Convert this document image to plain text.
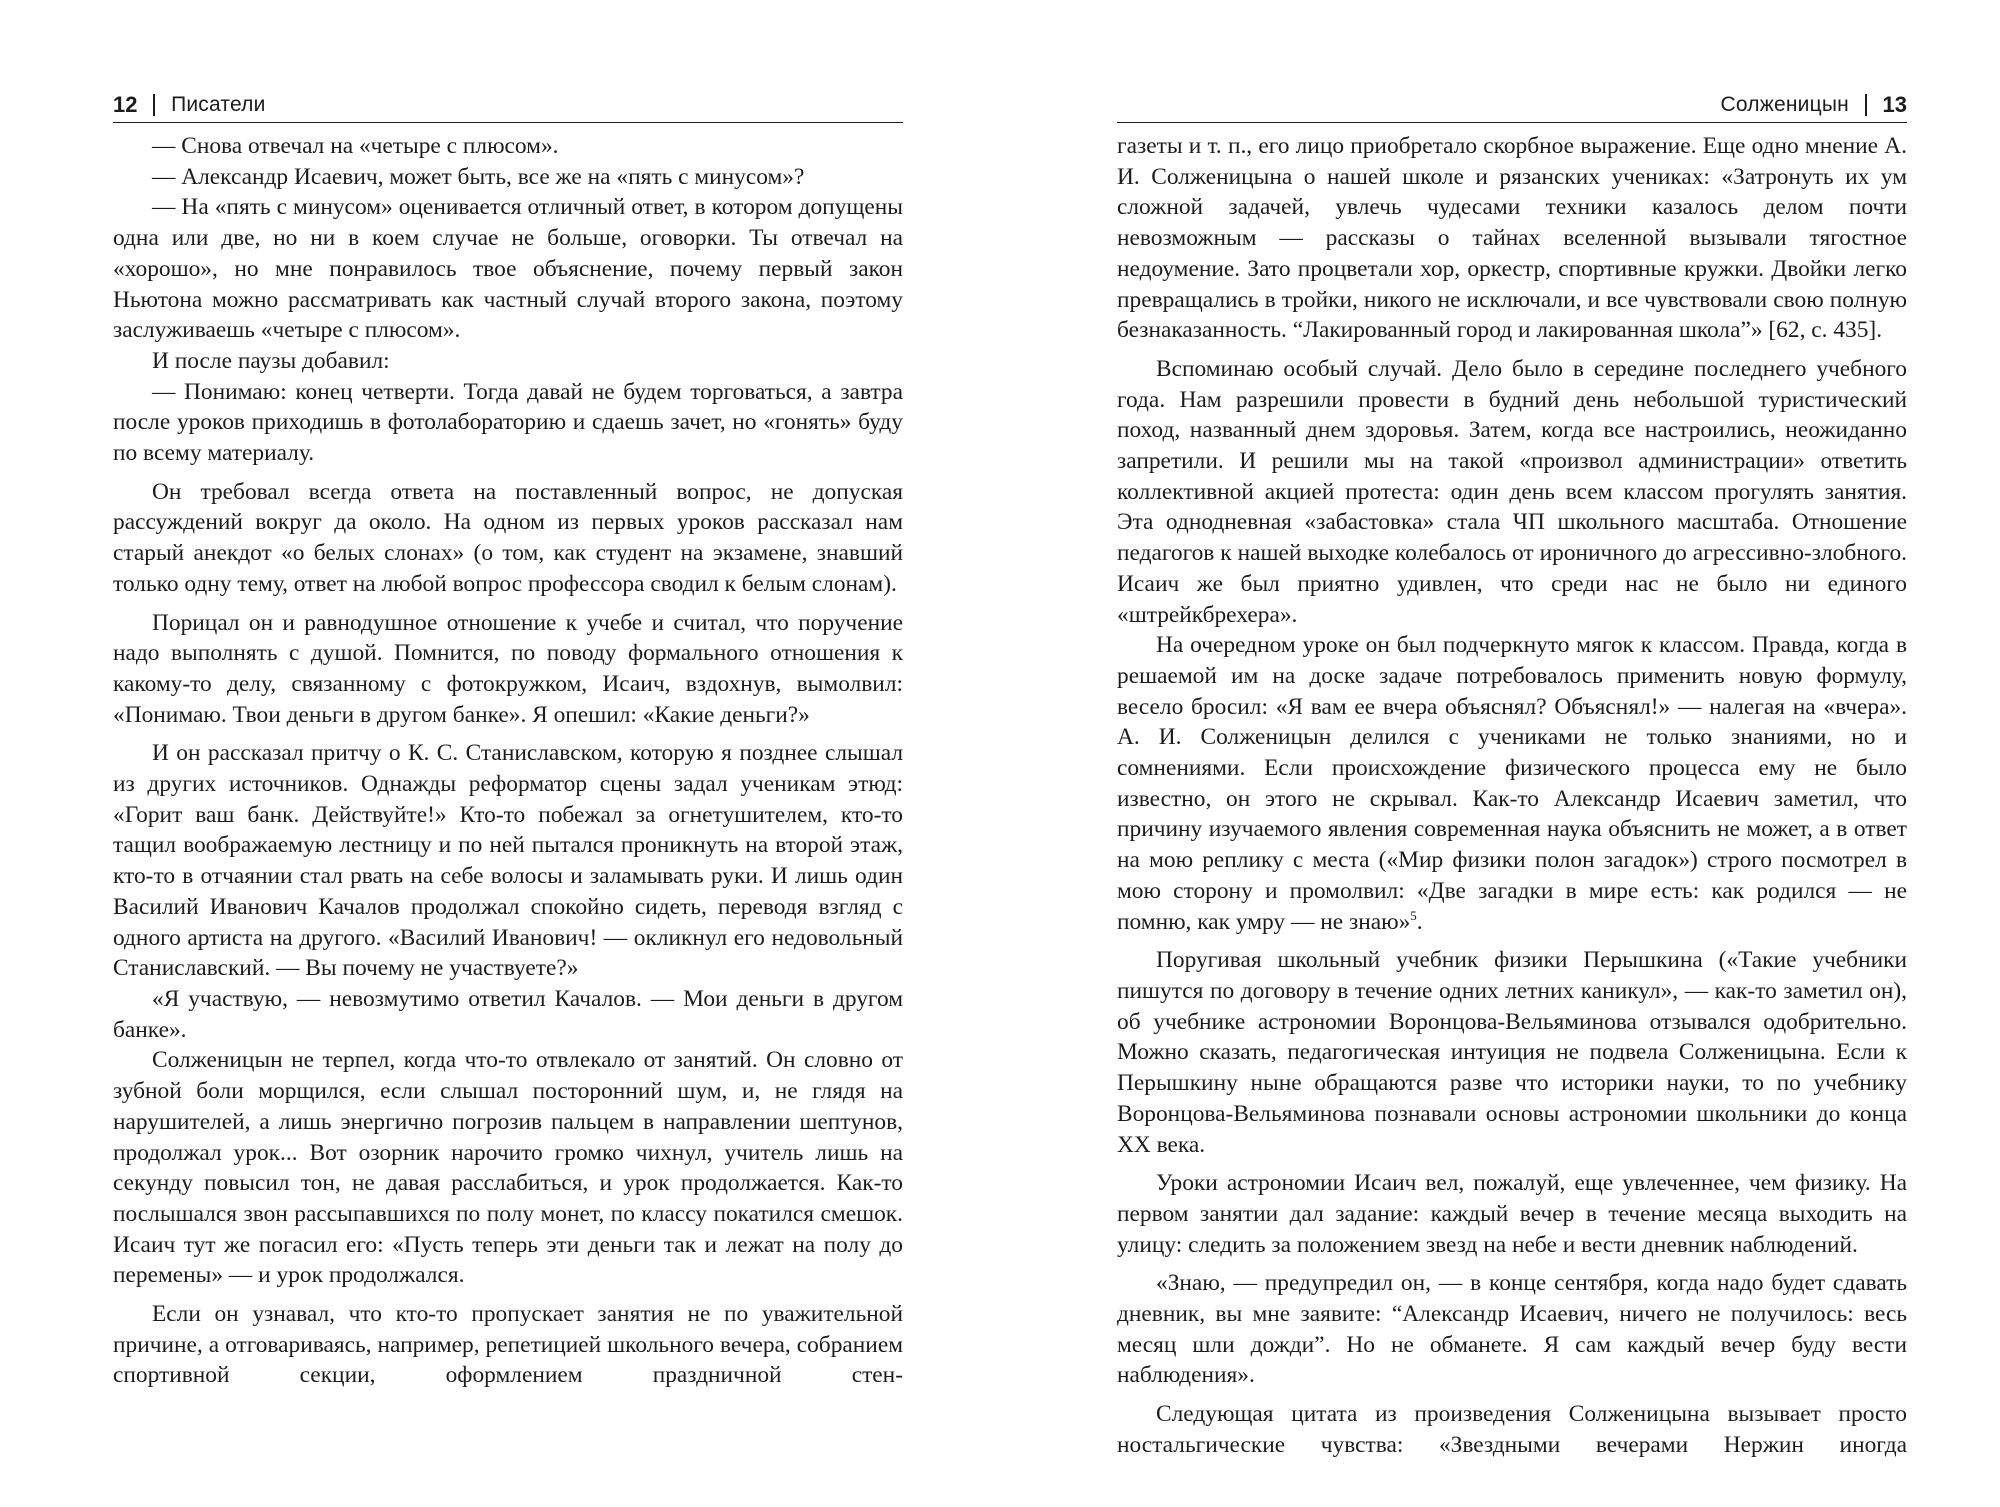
12 Писатели

— Снова отвечал на «четыре с плюсом».

— Александр Исаевич, может быть, все же на «пять с минусом»?

— На «пять с минусом» оценивается отличный ответ, в котором допущены одна или две, но ни в коем случае не больше, оговорки. Ты отвечал на «хорошо», но мне понравилось твое объяснение, почему первый закон Ньютона можно рассматривать как частный случай второго закона, поэтому заслуживаешь «четыре с плюсом».

И после паузы добавил:

— Понимаю: конец четверти. Тогда давай не будем торговаться, а завтра после уроков приходишь в фотолабораторию и сдаешь зачет, но «гонять» буду по всему материалу.

Он требовал всегда ответа на поставленный вопрос, не допуская рассуждений вокруг да около. На одном из первых уроков рассказал нам старый анекдот «о белых слонах» (о том, как студент на экзамене, знавший только одну тему, ответ на любой вопрос профессора сводил к белым слонам).

Порицал он и равнодушное отношение к учебе и считал, что поручение надо выполнять с душой. Помнится, по поводу формального отношения к какому-то делу, связанному с фотокружком, Исаич, вздохнув, вымолвил: «Понимаю. Твои деньги в другом банке». Я опешил: «Какие деньги?»

И он рассказал притчу о К. С. Станиславском, которую я позднее слышал из других источников. Однажды реформатор сцены задал ученикам этюд: «Горит ваш банк. Действуйте!» Кто-то побежал за огнетушителем, кто-то тащил воображаемую лестницу и по ней пытался проникнуть на второй этаж, кто-то в отчаянии стал рвать на себе волосы и заламывать руки. И лишь один Василий Иванович Качалов продолжал спокойно сидеть, переводя взгляд с одного артиста на другого. «Василий Иванович! — окликнул его недовольный Станиславский. — Вы почему не участвуете?»

«Я участвую, — невозмутимо ответил Качалов. — Мои деньги в другом банке».

Солженицын не терпел, когда что-то отвлекало от занятий. Он словно от зубной боли морщился, если слышал посторонний шум, и, не глядя на нарушителей, а лишь энергично погрозив пальцем в направлении шептунов, продолжал урок... Вот озорник нарочито громко чихнул, учитель лишь на секунду повысил тон, не давая расслабиться, и урок продолжается. Как-то послышался звон рассыпавшихся по полу монет, по классу покатился смешок. Исаич тут же погасил его: «Пусть теперь эти деньги так и лежат на полу до перемены» — и урок продолжался.

Если он узнавал, что кто-то пропускает занятия не по уважительной причине, а отговариваясь, например, репетицией школьного вечера, собранием спортивной секции, оформлением праздничной стен-

Солженицын 13

газеты и т. п., его лицо приобретало скорбное выражение. Еще одно мнение А. И. Солженицына о нашей школе и рязанских учениках: «Затронуть их ум сложной задачей, увлечь чудесами техники казалось делом почти невозможным — рассказы о тайнах вселенной вызывали тягостное недоумение. Зато процветали хор, оркестр, спортивные кружки. Двойки легко превращались в тройки, никого не исключали, и все чувствовали свою полную безнаказанность. “Лакированный город и лакированная школа”» [62, с. 435].

Вспоминаю особый случай. Дело было в середине последнего учебного года. Нам разрешили провести в будний день небольшой туристический поход, названный днем здоровья. Затем, когда все настроились, неожиданно запретили. И решили мы на такой «произвол администрации» ответить коллективной акцией протеста: один день всем классом прогулять занятия. Эта однодневная «забастовка» стала ЧП школьного масштаба. Отношение педагогов к нашей выходке колебалось от ироничного до агрессивно-злобного. Исаич же был приятно удивлен, что среди нас не было ни единого «штрейкбрехера».

На очередном уроке он был подчеркнуто мягок к классом. Правда, когда в решаемой им на доске задаче потребовалось применить новую формулу, весело бросил: «Я вам ее вчера объяснял? Объяснял!» — налегая на «вчера». А. И. Солженицын делился с учениками не только знаниями, но и сомнениями. Если происхождение физического процесса ему не было известно, он этого не скрывал. Как-то Александр Исаевич заметил, что причину изучаемого явления современная наука объяснить не может, а в ответ на мою реплику с места («Мир физики полон загадок») строго посмотрел в мою сторону и промолвил: «Две загадки в мире есть: как родился — не помню, как умру — не знаю»$^5$.

Поругивая школьный учебник физики Перышкина («Такие учебники пишутся по договору в течение одних летних каникул», — как-то заметил он), об учебнике астрономии Воронцова-Вельяминова отзывался одобрительно. Можно сказать, педагогическая интуиция не подвела Солженицына. Если к Перышкину ныне обращаются разве что историки науки, то по учебнику Воронцова-Вельяминова познавали основы астрономии школьники до конца XX века.

Уроки астрономии Исаич вел, пожалуй, еще увлеченнее, чем физику. На первом занятии дал задание: каждый вечер в течение месяца выходить на улицу: следить за положением звезд на небе и вести дневник наблюдений.

«Знаю, — предупредил он, — в конце сентября, когда надо будет сдавать дневник, вы мне заявите: “Александр Исаевич, ничего не получилось: весь месяц шли дожди”. Но не обманете. Я сам каждый вечер буду вести наблюдения».

Следующая цитата из произведения Солженицына вызывает просто ностальгические чувства: «Звездными вечерами Нержин иногда
